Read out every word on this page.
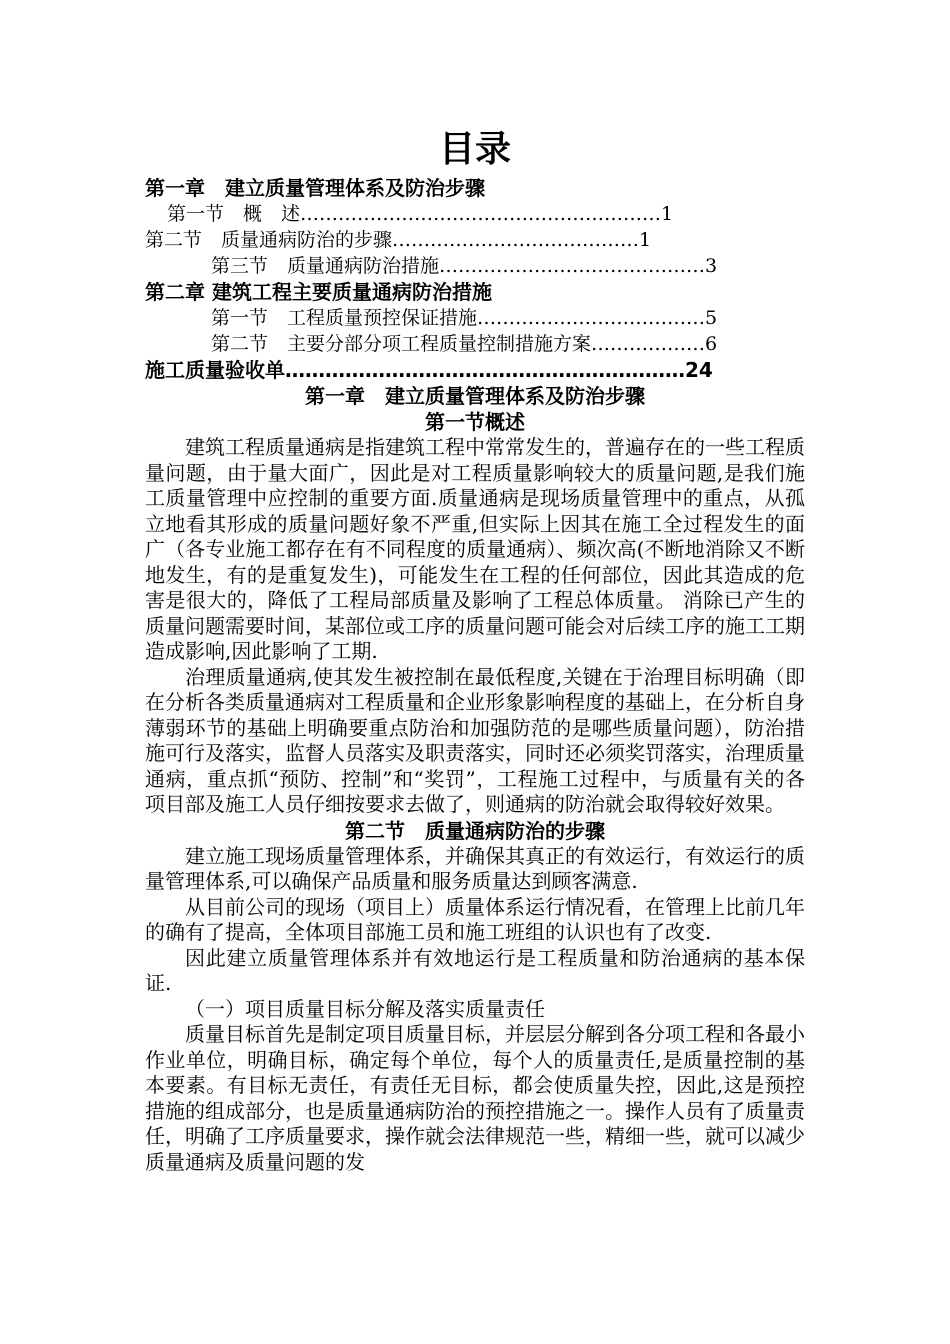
目录
第一章　建立质量管理体系及防治步骤
第一节　概　述…………………………………………………1
第二节　质量通病防治的步骤…………………………………1
第三节　质量通病防治措施……………………………………3
第二章 建筑工程主要质量通病防治措施
第一节　工程质量预控保证措施………………………………5
第二节　主要分部分项工程质量控制措施方案………………6
施工质量验收单……………………………………………………24
第一章　建立质量管理体系及防治步骤
第一节概述

建筑工程质量通病是指建筑工程中常常发生的，普遍存在的一些工程质量问题，由于量大面广，因此是对工程质量影响较大的质量问题,是我们施工质量管理中应控制的重要方面.质量通病是现场质量管理中的重点，从孤立地看其形成的质量问题好象不严重,但实际上因其在施工全过程发生的面广（各专业施工都存在有不同程度的质量通病）、频次高(不断地消除又不断地发生，有的是重复发生)，可能发生在工程的任何部位，因此其造成的危害是很大的，降低了工程局部质量及影响了工程总体质量。 消除已产生的质量问题需要时间，某部位或工序的质量问题可能会对后续工序的施工工期造成影响,因此影响了工期.

治理质量通病,使其发生被控制在最低程度,关键在于治理目标明确（即在分析各类质量通病对工程质量和企业形象影响程度的基础上，在分析自身薄弱环节的基础上明确要重点防治和加强防范的是哪些质量问题），防治措施可行及落实，监督人员落实及职责落实，同时还必须奖罚落实，治理质量通病，重点抓“预防、控制”和“奖罚”，工程施工过程中，与质量有关的各项目部及施工人员仔细按要求去做了，则通病的防治就会取得较好效果。

第二节　质量通病防治的步骤

建立施工现场质量管理体系，并确保其真正的有效运行，有效运行的质量管理体系,可以确保产品质量和服务质量达到顾客满意.

从目前公司的现场（项目上）质量体系运行情况看，在管理上比前几年的确有了提高，全体项目部施工员和施工班组的认识也有了改变.

因此建立质量管理体系并有效地运行是工程质量和防治通病的基本保证.

（一）项目质量目标分解及落实质量责任

质量目标首先是制定项目质量目标，并层层分解到各分项工程和各最小作业单位，明确目标，确定每个单位，每个人的质量责任,是质量控制的基本要素。有目标无责任，有责任无目标，都会使质量失控，因此,这是预控措施的组成部分，也是质量通病防治的预控措施之一。操作人员有了质量责任，明确了工序质量要求，操作就会法律规范一些，精细一些，就可以减少质量通病及质量问题的发
